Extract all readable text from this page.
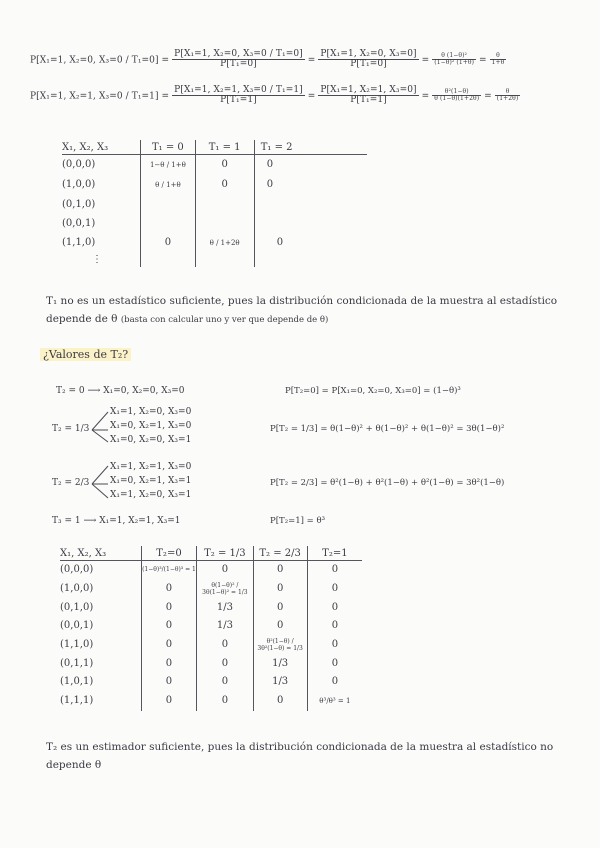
P[X₁=1, X₂=0, $X_3=0 / T_1=0] = \frac{\text{P[X₁=1, X₂=0, X₃=0 / T₁=0]}}{\text{P[T₁=0]}} = \frac{\text{P[X₁=1, X₂=0, X₃=0]}}{\text{P[T₁=0]}} = \frac{\text{θ (1−θ)²}}{\text{(1−θ)² (1+θ)}} = \frac{\theta}{1+\theta}$
P[X₁=1, X₂=1, $X_3=0 / T_1=1] = \frac{\text{P[X₁=1, X₂=1, X₃=0 / T₁=1]}}{\text{P[T₁=1]}} = \frac{\text{P[X₁=1, X₂=1, X₃=0]}}{\text{P[T₁=1]}} = \frac{\text{θ²(1−θ)}}{\theta (1-\theta)(1+2\theta)} = \frac{\theta}{(1+2\theta)}$
X₁, X₂, X₃	T₁ = 0	T₁ = 1	T₁ = 2
(0,0,0)	1−θ / 1+θ	0	0
(1,0,0)	θ / 1+θ	0	0
(0,1,0)			
(0,0,1)			
(1,1,0)	0	θ / 1+2θ	0
⋮			
T₁ no es un estadístico suficiente, pues la distribución condicionada de la muestra al estadístico depende de θ (basta con calcular uno y ver que depende de θ)
¿Valores de T₂?
T₂ = 0 ⟶ X₁=0, X₂=0, X₃=0	P[T₂=0] = P[X₁=0, X₂=0, X₃=0] = (1−θ)³
T₂ = 1/3
X₁=1, X₂=0, X₃=0
X₁=0, X₂=1, X₃=0
X₁=0, X₂=0, X₃=1
P[T₂ = 1/3] = θ(1−θ)² + θ(1−θ)² + θ(1−θ)² = 3θ(1−θ)²
T₂ = 2/3
X₁=1, X₂=1, X₃=0
X₁=0, X₂=1, X₃=1
X₁=1, X₂=0, X₃=1
P[T₂ = 2/3] = θ²(1−θ) + θ²(1−θ) + θ²(1−θ) = 3θ²(1−θ)
T₃ = 1 ⟶ X₁=1, X₂=1, X₃=1	P[T₂=1] = θ³
X₁, X₂, X₃	T₂=0	T₂ = 1/3	T₂ = 2/3	T₂=1
(0,0,0)	(1−θ)³/(1−θ)³ = 1	0	0	0
(1,0,0)	0	θ(1−θ)² / 3θ(1−θ)² = 1/3	0	0
(0,1,0)	0	1/3	0	0
(0,0,1)	0	1/3	0	0
(1,1,0)	0	0	θ²(1−θ) / 3θ²(1−θ) = 1/3	0
(0,1,1)	0	0	1/3	0
(1,0,1)	0	0	1/3	0
(1,1,1)	0	0	0	θ³/θ³ = 1
T₂ es un estimador suficiente, pues la distribución condicionada de la muestra al estadístico no depende θ
